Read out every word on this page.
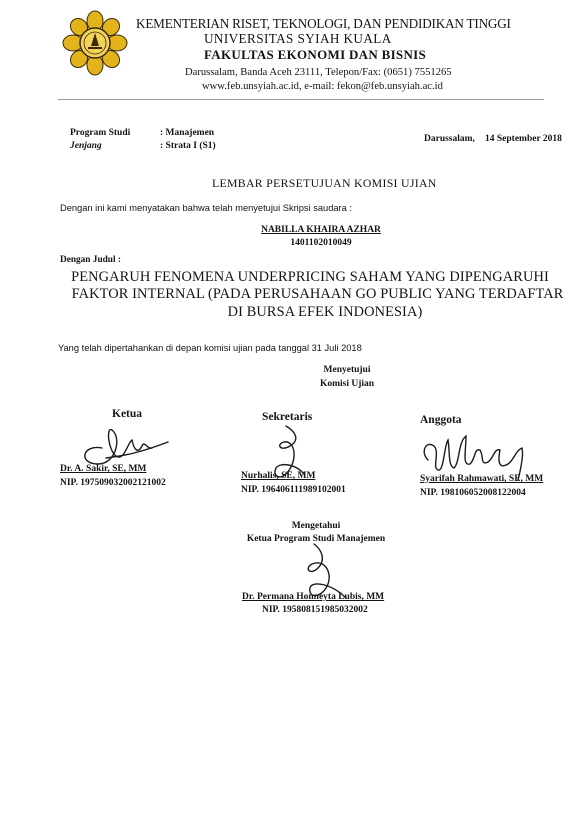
KEMENTERIAN RISET, TEKNOLOGI, DAN PENDIDIKAN TINGGI
UNIVERSITAS SYIAH KUALA
FAKULTAS EKONOMI DAN BISNIS
Darussalam, Banda Aceh 23111, Telepon/Fax: (0651) 7551265
www.feb.unsyiah.ac.id, e-mail: fekon@feb.unsyiah.ac.id
Program Studi	: Manajemen
Jenjang	: Strata I (S1)
Darussalam, 14 September 2018
LEMBAR PERSETUJUAN KOMISI UJIAN
Dengan ini kami menyatakan bahwa telah menyetujui Skripsi saudara :
NABILLA KHAIRA AZHAR
1401102010049
Dengan Judul :
PENGARUH FENOMENA UNDERPRICING SAHAM YANG DIPENGARUHI
FAKTOR INTERNAL (PADA PERUSAHAAN GO PUBLIC YANG TERDAFTAR
DI BURSA EFEK INDONESIA)
Yang telah dipertahankan di depan komisi ujian pada tanggal 31 Juli 2018
Menyetujui
Komisi Ujian
Ketua
Dr. A. Sakir, SE, MM
NIP. 197509032002121002
Sekretaris
Nurhalis, SE, MM
NIP. 196406111989102001
Anggota
Syarifah Rahmawati, SE, MM
NIP. 198106052008122004
Mengetahui
Ketua Program Studi Manajemen
Dr. Permana Honneyta Lubis, MM
NIP. 195808151985032002
